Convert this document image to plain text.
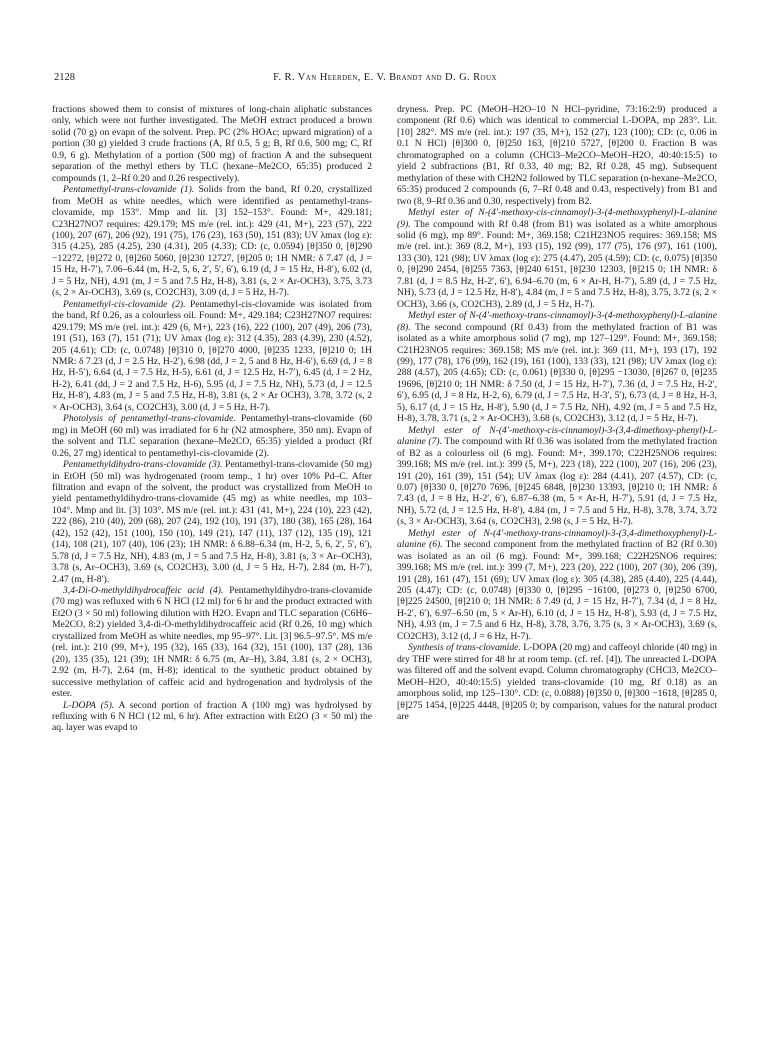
2128	F. R. Van Heerden, E. V. Brandt and D. G. Roux

fractions showed them to consist of mixtures of long-chain aliphatic substances only, which were not further investigated. The MeOH extract produced a brown solid (70 g) on evapn of the solvent. Prep. PC (2% HOAc; upward migration) of a portion (30 g) yielded 3 crude fractions (A, Rf 0.5, 5 g; B, Rf 0.6, 500 mg; C, Rf 0.9, 6 g). Methylation of a portion (500 mg) of fraction A and the subsequent separation of the methyl ethers by TLC (hexane–Me2CO, 65:35) produced 2 compounds (1, 2–Rf 0.20 and 0.26 respectively).

Pentamethyl-trans-clovamide (1). Solids from the band, Rf 0.20, crystallized from MeOH as white needles, which were identified as pentamethyl-trans-clovamide, mp 153°. Mmp and lit. [3] 152–153°. Found: M+, 429.181; C23H27NO7 requires: 429.179; MS m/e (rel. int.): 429 (41, M+), 223 (57), 222 (100), 207 (67), 206 (92), 191 (75), 176 (23), 163 (50), 151 (83); UV λmax (log ε): 315 (4.25), 285 (4.25), 230 (4.31), 205 (4.33); CD: (c, 0.0594) [θ]350 0, [θ]290 −12272, [θ]272 0, [θ]260 5060, [θ]230 12727, [θ]205 0; 1H NMR: δ 7.47 (d, J = 15 Hz, H-7′), 7.06–6.44 (m, H-2, 5, 6, 2′, 5′, 6′), 6.19 (d, J = 15 Hz, H-8′), 6.02 (d, J = 5 Hz, NH), 4.91 (m, J = 5 and 7.5 Hz, H-8), 3.81 (s, 2 × Ar-OCH3), 3.75, 3.73 (s, 2 × Ar-OCH3), 3.69 (s, CO2CH3), 3.09 (d, J = 5 Hz, H-7).

Pentamethyl-cis-clovamide (2). Pentamethyl-cis-clovamide was isolated from the band, Rf 0.26, as a colourless oil. Found: M+, 429.184; C23H27NO7 requires: 429.179; MS m/e (rel. int.): 429 (6, M+), 223 (16), 222 (100), 207 (49), 206 (73), 191 (51), 163 (7), 151 (71); UV λmax (log ε): 312 (4.35), 283 (4.39), 230 (4.52), 205 (4.61); CD: (c, 0.0748) [θ]310 0, [θ]270 4000, [θ]235 1233, [θ]210 0; 1H NMR: δ 7.23 (d, J = 2.5 Hz, H-2′), 6.98 (dd, J = 2, 5 and 8 Hz, H-6′), 6.69 (d, J = 8 Hz, H-5′), 6.64 (d, J = 7.5 Hz, H-5), 6.61 (d, J = 12.5 Hz, H-7′), 6.45 (d, J = 2 Hz, H-2), 6.41 (dd, J = 2 and 7.5 Hz, H-6), 5.95 (d, J = 7.5 Hz, NH), 5.73 (d, J = 12.5 Hz, H-8′), 4.83 (m, J = 5 and 7.5 Hz, H-8), 3.81 (s, 2 × Ar OCH3), 3.78, 3.72 (s, 2 × Ar-OCH3), 3.64 (s, CO2CH3), 3.00 (d, J = 5 Hz, H-7).

Photolysis of pentamethyl-trans-clovamide. Pentamethyl-trans-clovamide (60 mg) in MeOH (60 ml) was irradiated for 6 hr (N2 atmosphere, 350 nm). Evapn of the solvent and TLC separation (hexane–Me2CO, 65:35) yielded a product (Rf 0.26, 27 mg) identical to pentamethyl-cis-clovamide (2).

Pentamethyldihydro-trans-clovamide (3). Pentamethyl-trans-clovamide (50 mg) in EtOH (50 ml) was hydrogenated (room temp., 1 hr) over 10% Pd–C. After filtration and evapn of the solvent, the product was crystallized from MeOH to yield pentamethyldihydro-trans-clovamide (45 mg) as white needles, mp 103–104°. Mmp and lit. [3] 103°. MS m/e (rel. int.): 431 (41, M+), 224 (10), 223 (42), 222 (86), 210 (40), 209 (68), 207 (24), 192 (10), 191 (37), 180 (38), 165 (28), 164 (42), 152 (42), 151 (100), 150 (10), 149 (21), 147 (11), 137 (12), 135 (19), 121 (14), 108 (21), 107 (40), 106 (23); 1H NMR: δ 6.88–6.34 (m, H-2, 5, 6, 2′, 5′, 6′), 5.78 (d, J = 7.5 Hz, NH), 4.83 (m, J = 5 and 7.5 Hz, H-8), 3.81 (s, 3 × Ar–OCH3), 3.78 (s, Ar–OCH3), 3.69 (s, CO2CH3), 3.00 (d, J = 5 Hz, H-7), 2.84 (m, H-7′), 2.47 (m, H-8′).

3,4-Di-O-methyldihydrocaffeic acid (4). Pentamethyldihydro-trans-clovamide (70 mg) was refluxed with 6 N HCl (12 ml) for 6 hr and the product extracted with Et2O (3 × 50 ml) following dilution with H2O. Evapn and TLC separation (C6H6–Me2CO, 8:2) yielded 3,4-di-O-methyldihydrocaffeic acid (Rf 0.26, 10 mg) which crystallized from MeOH as white needles, mp 95–97°. Lit. [3] 96.5–97.5°. MS m/e (rel. int.): 210 (99, M+), 195 (32), 165 (33), 164 (32), 151 (100), 137 (28), 136 (20), 135 (35), 121 (39); 1H NMR: δ 6.75 (m, Ar–H), 3.84, 3.81 (s, 2 × OCH3), 2.92 (m, H-7), 2.64 (m, H-8); identical to the synthetic product obtained by successive methylation of caffeic acid and hydrogenation and hydrolysis of the ester.

L-DOPA (5). A second portion of fraction A (100 mg) was hydrolysed by refluxing with 6 N HCl (12 ml, 6 hr). After extraction with Et2O (3 × 50 ml) the aq. layer was evapd to

dryness. Prep. PC (MeOH–H2O–10 N HCl–pyridine, 73:16:2:9) produced a component (Rf 0.6) which was identical to commercial L-DOPA, mp 283°. Lit. [10] 282°. MS m/e (rel. int.): 197 (35, M+), 152 (27), 123 (100); CD: (c, 0.06 in 0.1 N HCl) [θ]300 0, [θ]250 163, [θ]210 5727, [θ]200 0. Fraction B was chromatographed on a column (CHCl3–Me2CO–MeOH–H2O, 40:40:15:5) to yield 2 subfractions (B1, Rf 0.33, 40 mg; B2, Rf 0.28, 45 mg). Subsequent methylation of these with CH2N2 followed by TLC separation (n-hexane–Me2CO, 65:35) produced 2 compounds (6, 7–Rf 0.48 and 0.43, respectively) from B1 and two (8, 9–Rf 0.36 and 0.30, respectively) from B2.

Methyl ester of N-(4′-methoxy-cis-cinnamoyl)-3-(4-methoxyphenyl)-L-alanine (9). The compound with Rf 0.48 (from B1) was isolated as a white amorphous solid (6 mg), mp 89°. Found: M+, 369.158; C21H23NO5 requires: 369.158; MS m/e (rel. int.): 369 (8.2, M+), 193 (15), 192 (99), 177 (75), 176 (97), 161 (100), 133 (30), 121 (98); UV λmax (log ε): 275 (4.47), 205 (4.59); CD: (c, 0.075) [θ]350 0, [θ]290 2454, [θ]255 7363, [θ]240 6151, [θ]230 12303, [θ]215 0; 1H NMR: δ 7.81 (d, J = 8.5 Hz, H-2′, 6′), 6.94–6.70 (m, 6 × Ar-H, H-7′), 5.89 (d, J = 7.5 Hz, NH), 5.73 (d, J = 12.5 Hz, H-8′), 4.84 (m, J = 5 and 7.5 Hz, H-8), 3.75, 3.72 (s, 2 × OCH3), 3.66 (s, CO2CH3), 2.89 (d, J = 5 Hz, H-7).

Methyl ester of N-(4′-methoxy-trans-cinnamoyl)-3-(4-methoxyphenyl)-L-alanine (8). The second compound (Rf 0.43) from the methylated fraction of B1 was isolated as a white amorphous solid (7 mg), mp 127–129°. Found: M+, 369.158; C21H23NO5 requires: 369.158; MS m/e (rel. int.): 369 (11, M+), 193 (17), 192 (99), 177 (78), 176 (99), 162 (19), 161 (100), 133 (33), 121 (98); UV λmax (log ε): 288 (4.57), 205 (4.65); CD: (c, 0.061) [θ]330 0, [θ]295 −13030, [θ]267 0, [θ]235 19696, [θ]210 0; 1H NMR: δ 7.50 (d, J = 15 Hz, H-7′), 7.36 (d, J = 7.5 Hz, H-2′, 6′), 6.95 (d, J = 8 Hz, H-2, 6), 6.79 (d, J = 7.5 Hz, H-3′, 5′), 6.73 (d, J = 8 Hz, H-3, 5), 6.17 (d, J = 15 Hz, H-8′), 5.90 (d, J = 7.5 Hz, NH), 4.92 (m, J = 5 and 7.5 Hz, H-8), 3.78, 3.71 (s, 2 × Ar-OCH3), 3.68 (s, CO2CH3), 3.12 (d, J = 5 Hz, H-7).

Methyl ester of N-(4′-methoxy-cis-cinnamoyl)-3-(3,4-dimethoxy-phenyl)-L-alanine (7). The compound with Rf 0.36 was isolated from the methylated fraction of B2 as a colourless oil (6 mg). Found: M+, 399.170; C22H25NO6 requires: 399.168; MS m/e (rel. int.): 399 (5, M+), 223 (18), 222 (100), 207 (16), 206 (23), 191 (20), 161 (39), 151 (54); UV λmax (log ε): 284 (4.41), 207 (4.57), CD: (c, 0.07) [θ]330 0, [θ]270 7696, [θ]245 6848, [θ]230 13393, [θ]210 0; 1H NMR: δ 7.43 (d, J = 8 Hz, H-2′, 6′), 6.87–6.38 (m, 5 × Ar-H, H-7′), 5.91 (d, J = 7.5 Hz, NH), 5.72 (d, J = 12.5 Hz, H-8′), 4.84 (m, J = 7.5 and 5 Hz, H-8), 3.78, 3.74, 3.72 (s, 3 × Ar-OCH3), 3.64 (s, CO2CH3), 2.98 (s, J = 5 Hz, H-7).

Methyl ester of N-(4′-methoxy-trans-cinnamoyl)-3-(3,4-dimethoxyphenyl)-L-alanine (6). The second component from the methylated fraction of B2 (Rf 0.30) was isolated as an oil (6 mg). Found: M+, 399.168; C22H25NO6 requires: 399.168; MS m/e (rel. int.): 399 (7, M+), 223 (20), 222 (100), 207 (30), 206 (39), 191 (28), 161 (47), 151 (69); UV λmax (log ε): 305 (4.38), 285 (4.40), 225 (4.44), 205 (4.47); CD: (c, 0.0748) [θ]330 0, [θ]295 −16100, [θ]273 0, [θ]250 6700, [θ]225 24500, [θ]210 0; 1H NMR: δ 7.49 (d, J = 15 Hz, H-7′), 7.34 (d, J = 8 Hz, H-2′, 6′), 6.97–6.50 (m, 5 × Ar-H), 6.10 (d, J = 15 Hz, H-8′), 5.93 (d, J = 7.5 Hz, NH), 4.93 (m, J = 7.5 and 6 Hz, H-8), 3.78, 3.76, 3.75 (s, 3 × Ar-OCH3), 3.69 (s, CO2CH3), 3.12 (d, J = 6 Hz, H-7).

Synthesis of trans-clovamide. L-DOPA (20 mg) and caffeoyl chloride (40 mg) in dry THF were stirred for 48 hr at room temp. (cf. ref. [4]). The unreacted L-DOPA was filtered off and the solvent evapd. Column chromatography (CHCl3, Me2CO–MeOH–H2O, 40:40:15:5) yielded trans-clovamide (10 mg, Rf 0.18) as an amorphous solid, mp 125–130°. CD: (c, 0.0888) [θ]350 0, [θ]300 −1618, [θ]285 0, [θ]275 1454, [θ]225 4448, [θ]205 0; by comparison, values for the natural product are
